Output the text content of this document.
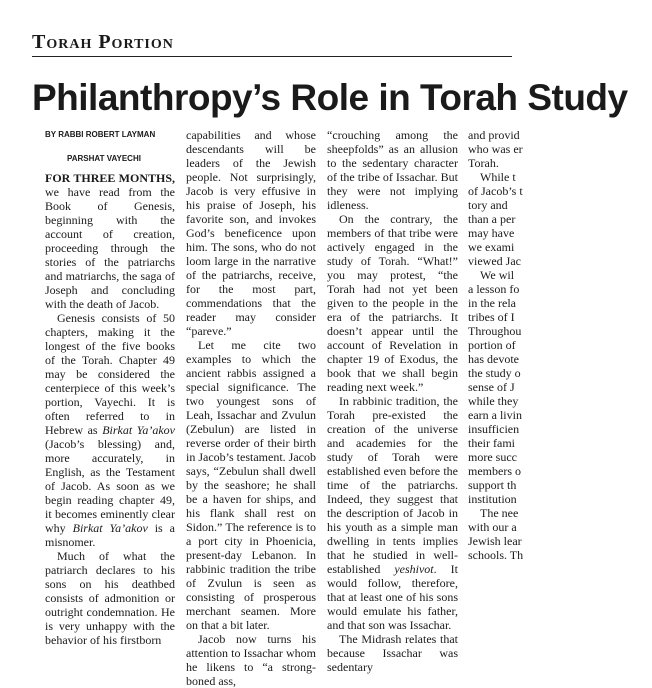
Torah Portion
Philanthropy’s Role in Torah Study
BY RABBI ROBERT LAYMAN
PARSHAT VAYECHI

FOR THREE MONTHS, we have read from the Book of Genesis, beginning with the account of creation, proceeding through the stories of the patriarchs and matriarchs, the saga of Joseph and concluding with the death of Jacob.

Genesis consists of 50 chapters, making it the longest of the five books of the Torah. Chapter 49 may be considered the centerpiece of this week’s portion, Vayechi. It is often referred to in Hebrew as Birkat Ya’akov (Jacob’s blessing) and, more accurately, in English, as the Testament of Jacob. As soon as we begin reading chapter 49, it becomes eminently clear why Birkat Ya’akov is a misnomer.

Much of what the patriarch declares to his sons on his deathbed consists of admonition or outright condemnation. He is very unhappy with the behavior of his firstborn

capabilities and whose descendants will be leaders of the Jewish people. Not surprisingly, Jacob is very effusive in his praise of Joseph, his favorite son, and invokes God’s beneficence upon him. The sons, who do not loom large in the narrative of the patriarchs, receive, for the most part, commendations that the reader may consider “pareve.”

Let me cite two examples to which the ancient rabbis assigned a special significance. The two youngest sons of Leah, Issachar and Zvulun (Zebulun) are listed in reverse order of their birth in Jacob’s testament. Jacob says, “Zebulun shall dwell by the seashore; he shall be a haven for ships, and his flank shall rest on Sidon.” The reference is to a port city in Phoenicia, present-day Lebanon. In rabbinic tradition the tribe of Zvulun is seen as consisting of prosperous merchant seamen. More on that a bit later.

Jacob now turns his attention to Issachar whom he likens to “a strong-boned ass,

“crouching among the sheepfolds” as an allusion to the sedentary character of the tribe of Issachar. But they were not implying idleness.

On the contrary, the members of that tribe were actively engaged in the study of Torah. “What!” you may protest, “the Torah had not yet been given to the people in the era of the patriarchs. It doesn’t appear until the account of Revelation in chapter 19 of Exodus, the book that we shall begin reading next week.”

In rabbinic tradition, the Torah pre-existed the creation of the universe and academies for the study of Torah were established even before the time of the patriarchs. Indeed, they suggest that the description of Jacob in his youth as a simple man dwelling in tents implies that he studied in well-established yeshivot. It would follow, therefore, that at least one of his sons would emulate his father, and that son was Issachar.

The Midrash relates that because Issachar was sedentary

and provid

who was er

Torah.

While t

of Jacob’s t

tory and

than a per

may have

we exami

viewed Jac

We wil

a lesson fo

in the rela

tribes of I

Throughou

portion of

has devote

the study o

sense of J

while they

earn a livin

insufficien

their fami

more succ

members o

support th

institution

The nee

with our a

Jewish lear

schools. Th
